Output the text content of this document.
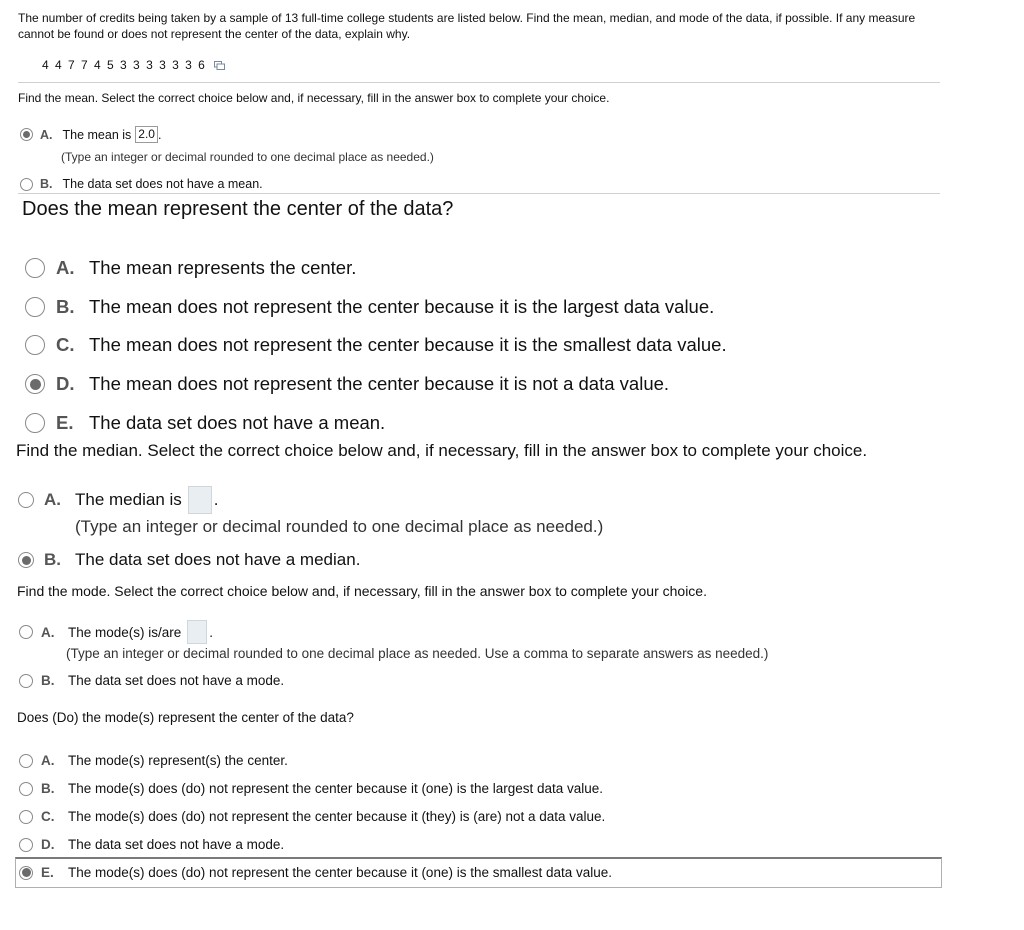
The number of credits being taken by a sample of 13 full-time college students are listed below. Find the mean, median, and mode of the data, if possible. If any measure cannot be found or does not represent the center of the data, explain why.
4 4 7 7 4 5 3 3 3 3 3 3 6
Find the mean. Select the correct choice below and, if necessary, fill in the answer box to complete your choice.
A. The mean is 2.0 .
(Type an integer or decimal rounded to one decimal place as needed.)
B. The data set does not have a mean.
Does the mean represent the center of the data?
A. The mean represents the center.
B. The mean does not represent the center because it is the largest data value.
C. The mean does not represent the center because it is the smallest data value.
D. The mean does not represent the center because it is not a data value.
E. The data set does not have a mean.
Find the median. Select the correct choice below and, if necessary, fill in the answer box to complete your choice.
A. The median is .
(Type an integer or decimal rounded to one decimal place as needed.)
B. The data set does not have a median.
Find the mode. Select the correct choice below and, if necessary, fill in the answer box to complete your choice.
A.	The mode(s) is/are .
(Type an integer or decimal rounded to one decimal place as needed. Use a comma to separate answers as needed.)
B.	The data set does not have a mode.
Does (Do) the mode(s) represent the center of the data?
A.	The mode(s) represent(s) the center.
B.	The mode(s) does (do) not represent the center because it (one) is the largest data value.
C.	The mode(s) does (do) not represent the center because it (they) is (are) not a data value.
D.	The data set does not have a mode.
E.	The mode(s) does (do) not represent the center because it (one) is the smallest data value.
